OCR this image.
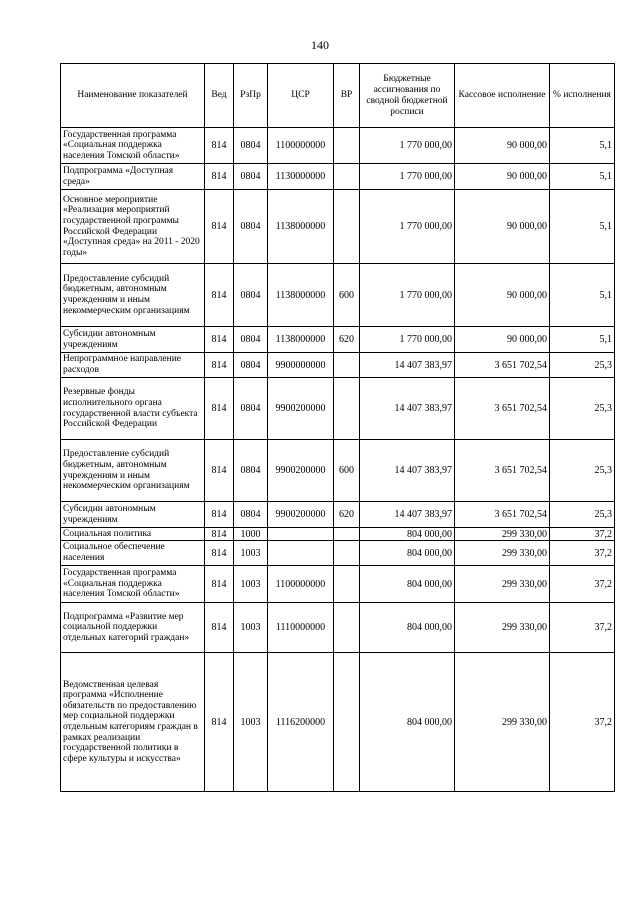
140
Наименование показателей	Вед	РзПр	ЦСР	ВР	Бюджетные ассигнования по сводной бюджетной росписи	Кассовое исполнение	% исполнения
Государственная программа «Социальная поддержка населения Томской области»	814	0804	1100000000		1 770 000,00	90 000,00	5,1
Подпрограмма «Доступная среда»	814	0804	1130000000		1 770 000,00	90 000,00	5,1
Основное мероприятие «Реализация мероприятий государственной программы Российской Федерации «Доступная среда» на 2011 - 2020 годы»	814	0804	1138000000		1 770 000,00	90 000,00	5,1
Предоставление субсидий бюджетным, автономным учреждениям и иным некоммерческим организациям	814	0804	1138000000	600	1 770 000,00	90 000,00	5,1
Субсидии автономным учреждениям	814	0804	1138000000	620	1 770 000,00	90 000,00	5,1
Непрограммное направление расходов	814	0804	9900000000		14 407 383,97	3 651 702,54	25,3
Резервные фонды исполнительного органа государственной власти субъекта Российской Федерации	814	0804	9900200000		14 407 383,97	3 651 702,54	25,3
Предоставление субсидий бюджетным, автономным учреждениям и иным некоммерческим организациям	814	0804	9900200000	600	14 407 383,97	3 651 702,54	25,3
Субсидии автономным учреждениям	814	0804	9900200000	620	14 407 383,97	3 651 702,54	25,3
Социальная политика	814	1000			804 000,00	299 330,00	37,2
Социальное обеспечение населения	814	1003			804 000,00	299 330,00	37,2
Государственная программа «Социальная поддержка населения Томской области»	814	1003	1100000000		804 000,00	299 330,00	37,2
Подпрограмма «Развитие мер социальной поддержки отдельных категорий граждан»	814	1003	1110000000		804 000,00	299 330,00	37,2
Ведомственная целевая программа «Исполнение обязательств по предоставлению мер социальной поддержки отдельным категориям граждан в рамках реализации государственной политики в сфере культуры и искусства»	814	1003	1116200000		804 000,00	299 330,00	37,2
